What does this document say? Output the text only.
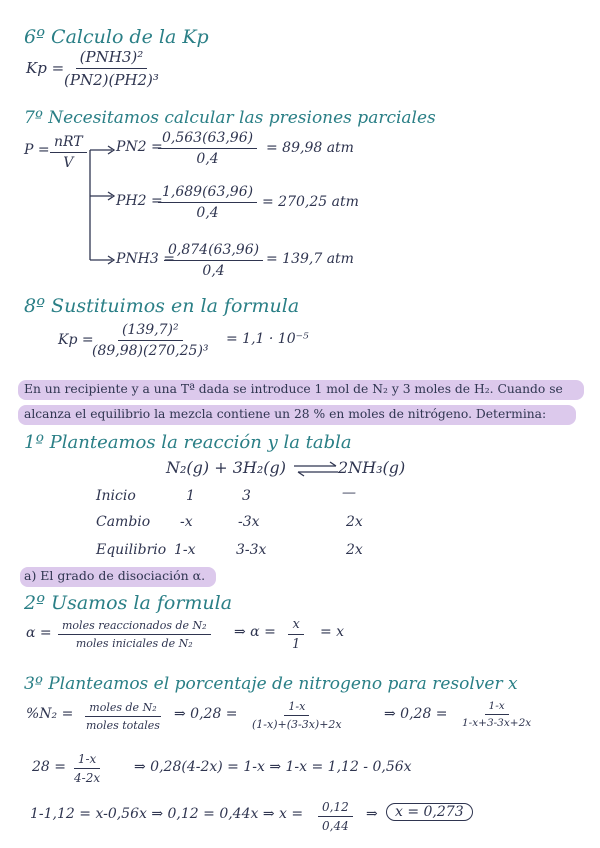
6º Calculo de la Kp
Kp =
(PNH3)²
(PN2)(PH2)³
7º Necesitamos calcular las presiones parciales
P = nRT
V
PN2 =
$\frac{0,563(63,96)}{0,4} = 89,98$ atm
PH2 =
$\frac{1,689(63,96)}{0,4} = 270,25$ atm
PNH3 =
$\frac{0,874(63,96)}{0,4} = 139,7$ atm
8º Sustituimos en la formula
Kp =
$\frac{\text{(139,7)²}}{\text{(89,98)(270,25)³}} = 1,1 \cdot 10^{-5}$
En un recipiente y a una Tª dada se introduce 1 mol de N₂ y 3 moles de H₂. Cuando se
alcanza el equilibrio la mezcla contiene un 28 % en moles de nitrógeno. Determina:
1º Planteamos la reacción y la tabla
N₂(g) + 3H₂(g) ⇌
2NH₃(g)
Inicio	1	3	—
Cambio -x	-3x	2x
Equilibrio 1-x	3-3x	2x
a) El grado de disociación α.
2º Usamos la formula
α = moles reaccionados de N₂
moles iniciales de N₂
⇒ $\alpha = \frac{x}{1} = x$
3º Planteamos el porcentaje de nitrogeno para resolver x
%N₂ =	moles de N₂
moles totales
⇒ $0,28 = \frac{1-x}{(1-x)+(3-3x)+2x}$	⇒ $0,28 = \frac{1-x}{1-x+3-3x+2x}$
$28 = \frac{1-x}{4-2x}$ ⇒ 0,28(4-2x) = 1-x ⇒ 1-x = 1,12 - 0,56x
1-1,12 = x-0,56x ⇒ 0,12 = 0,44x ⇒ $x = \frac{0,12}{0,44}$ ⇒	x = 0,273
